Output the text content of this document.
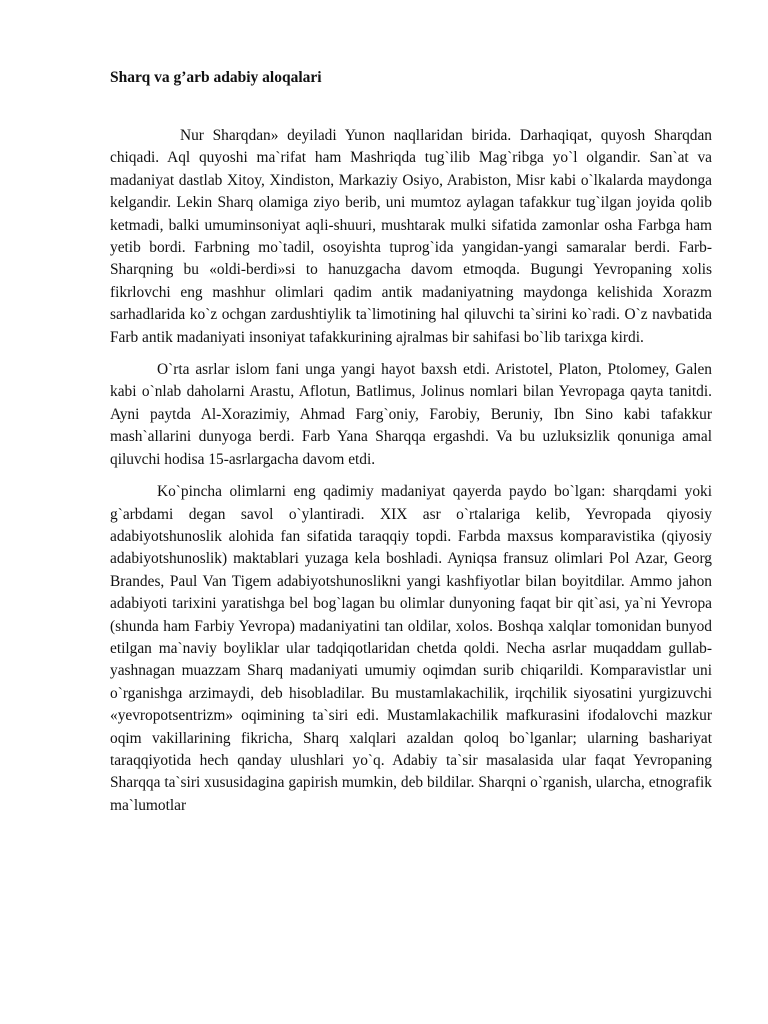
Sharq va g’arb adabiy aloqalari

Nur Sharqdan» deyiladi Yunon naqllaridan birida. Darhaqiqat, quyosh Sharqdan chiqadi. Aql quyoshi ma`rifat ham Mashriqda tug`ilib Mag`ribga yo`l olgandir. San`at va madaniyat dastlab Xitoy, Xindiston, Markaziy Osiyo, Arabiston, Misr kabi o`lkalarda maydonga kelgandir. Lekin Sharq olamiga ziyo berib, uni mumtoz aylagan tafakkur tug`ilgan joyida qolib ketmadi, balki umuminsoniyat aqli-shuuri, mushtarak mulki sifatida zamonlar osha Farbga ham yetib bordi. Farbning mo`tadil, osoyishta tuprog`ida yangidan-yangi samaralar berdi. Farb-Sharqning bu «oldi-berdi»si to hanuzgacha davom etmoqda. Bugungi Yevropaning xolis fikrlovchi eng mashhur olimlari qadim antik madaniyatning maydonga kelishida Xorazm sarhadlarida ko`z ochgan zardushtiylik ta`limotining hal qiluvchi ta`sirini ko`radi. O`z navbatida Farb antik madaniyati insoniyat tafakkurining ajralmas bir sahifasi bo`lib tarixga kirdi.

O`rta asrlar islom fani unga yangi hayot baxsh etdi. Aristotel, Platon, Ptolomey, Galen kabi o`nlab daholarni Arastu, Aflotun, Batlimus, Jolinus nomlari bilan Yevropaga qayta tanitdi. Ayni paytda Al-Xorazimiy, Ahmad Farg`oniy, Farobiy, Beruniy, Ibn Sino kabi tafakkur mash`allarini dunyoga berdi. Farb Yana Sharqqa ergashdi. Va bu uzluksizlik qonuniga amal qiluvchi hodisa 15-asrlargacha davom etdi.

Ko`pincha olimlarni eng qadimiy madaniyat qayerda paydo bo`lgan: sharqdami yoki g`arbdami degan savol o`ylantiradi. XIX asr o`rtalariga kelib, Yevropada qiyosiy adabiyotshunoslik alohida fan sifatida taraqqiy topdi. Farbda maxsus komparavistika (qiyosiy adabiyotshunoslik) maktablari yuzaga kela boshladi. Ayniqsa fransuz olimlari Pol Azar, Georg Brandes, Paul Van Tigem adabiyotshunoslikni yangi kashfiyotlar bilan boyitdilar. Ammo jahon adabiyoti tarixini yaratishga bel bog`lagan bu olimlar dunyoning faqat bir qit`asi, ya`ni Yevropa (shunda ham Farbiy Yevropa) madaniyatini tan oldilar, xolos. Boshqa xalqlar tomonidan bunyod etilgan ma`naviy boyliklar ular tadqiqotlaridan chetda qoldi. Necha asrlar muqaddam gullab-yashnagan muazzam Sharq madaniyati umumiy oqimdan surib chiqarildi. Komparavistlar uni o`rganishga arzimaydi, deb hisobladilar. Bu mustamlakachilik, irqchilik siyosatini yurgizuvchi «yevropotsentrizm» oqimining ta`siri edi. Mustamlakachilik mafkurasini ifodalovchi mazkur oqim vakillarining fikricha, Sharq xalqlari azaldan qoloq bo`lganlar; ularning bashariyat taraqqiyotida hech qanday ulushlari yo`q. Adabiy ta`sir masalasida ular faqat Yevropaning Sharqqa ta`siri xususidagina gapirish mumkin, deb bildilar. Sharqni o`rganish, ularcha, etnografik ma`lumotlar
